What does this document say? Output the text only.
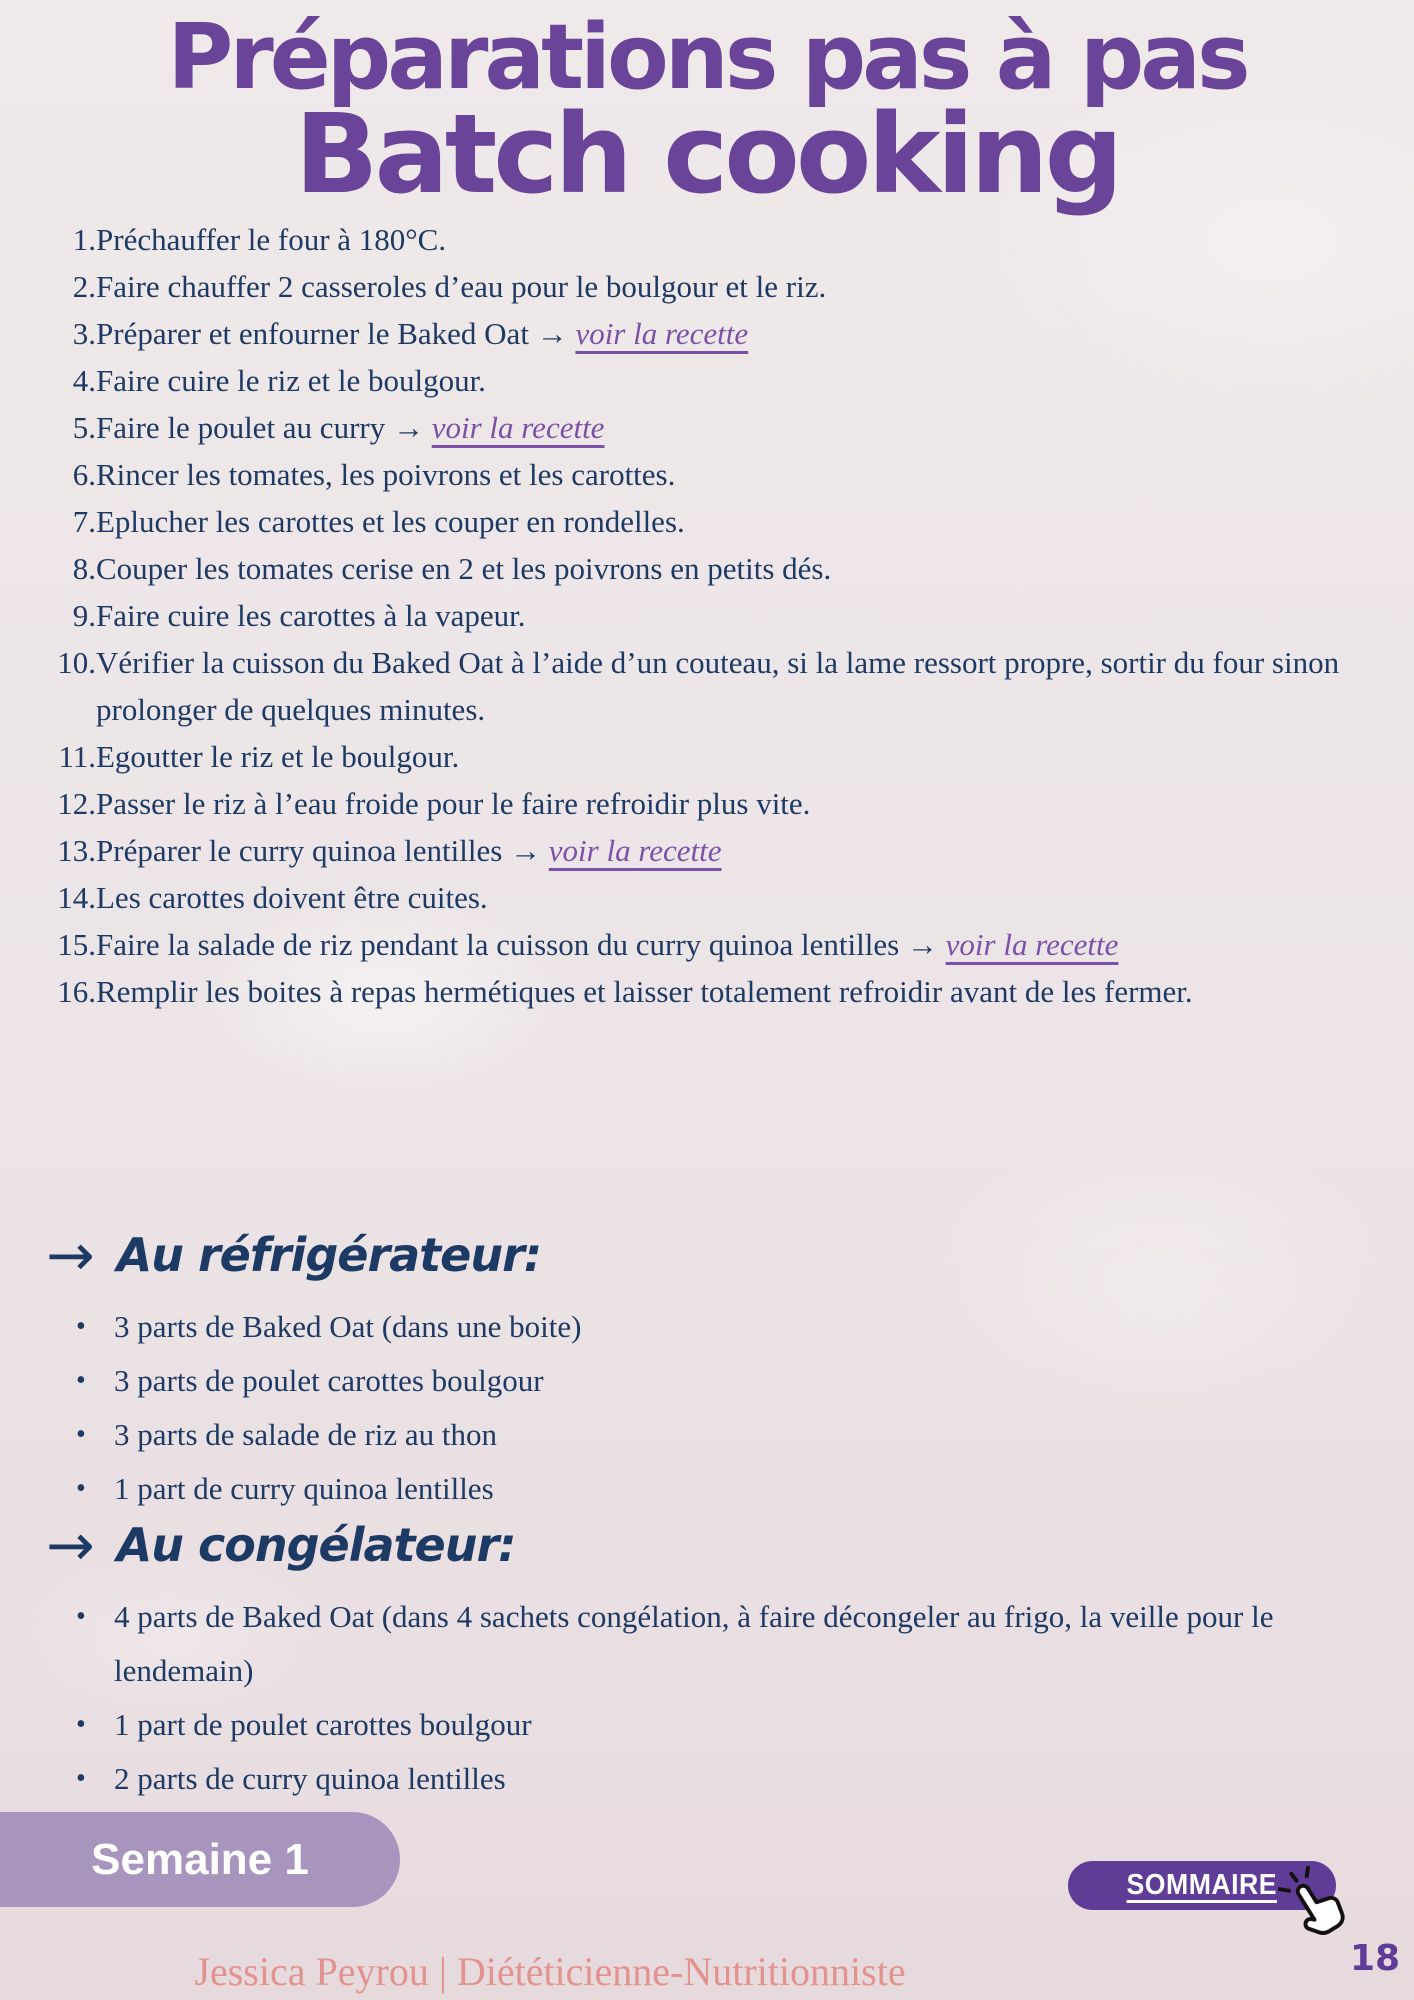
Préparations pas à pas
Batch cooking
Préchauffer le four à 180°C.
Faire chauffer 2 casseroles d’eau pour le boulgour et le riz.
Préparer et enfourner le Baked Oat → voir la recette
Faire cuire le riz et le boulgour.
Faire le poulet au curry → voir la recette
Rincer les tomates, les poivrons et les carottes.
Eplucher les carottes et les couper en rondelles.
Couper les tomates cerise en 2 et les poivrons en petits dés.
Faire cuire les carottes à la vapeur.
Vérifier la cuisson du Baked Oat à l’aide d’un couteau, si la lame ressort propre, sortir du four sinon prolonger de quelques minutes.
Egoutter le riz et le boulgour.
Passer le riz à l’eau froide pour le faire refroidir plus vite.
Préparer le curry quinoa lentilles → voir la recette
Les carottes doivent être cuites.
Faire la salade de riz pendant la cuisson du curry quinoa lentilles → voir la recette
Remplir les boites à repas hermétiques et laisser totalement refroidir avant de les fermer.
→ Au réfrigérateur:
• 3 parts de Baked Oat (dans une boite)
• 3 parts de poulet carottes boulgour
• 3 parts de salade de riz au thon
• 1 part de curry quinoa lentilles
→ Au congélateur:
• 4 parts de Baked Oat (dans 4 sachets congélation, à faire décongeler au frigo, la veille pour le lendemain)
• 1 part de poulet carottes boulgour
• 2 parts de curry quinoa lentilles
Semaine 1
SOMMAIRE
18
Jessica Peyrou | Diététicienne-Nutritionniste
